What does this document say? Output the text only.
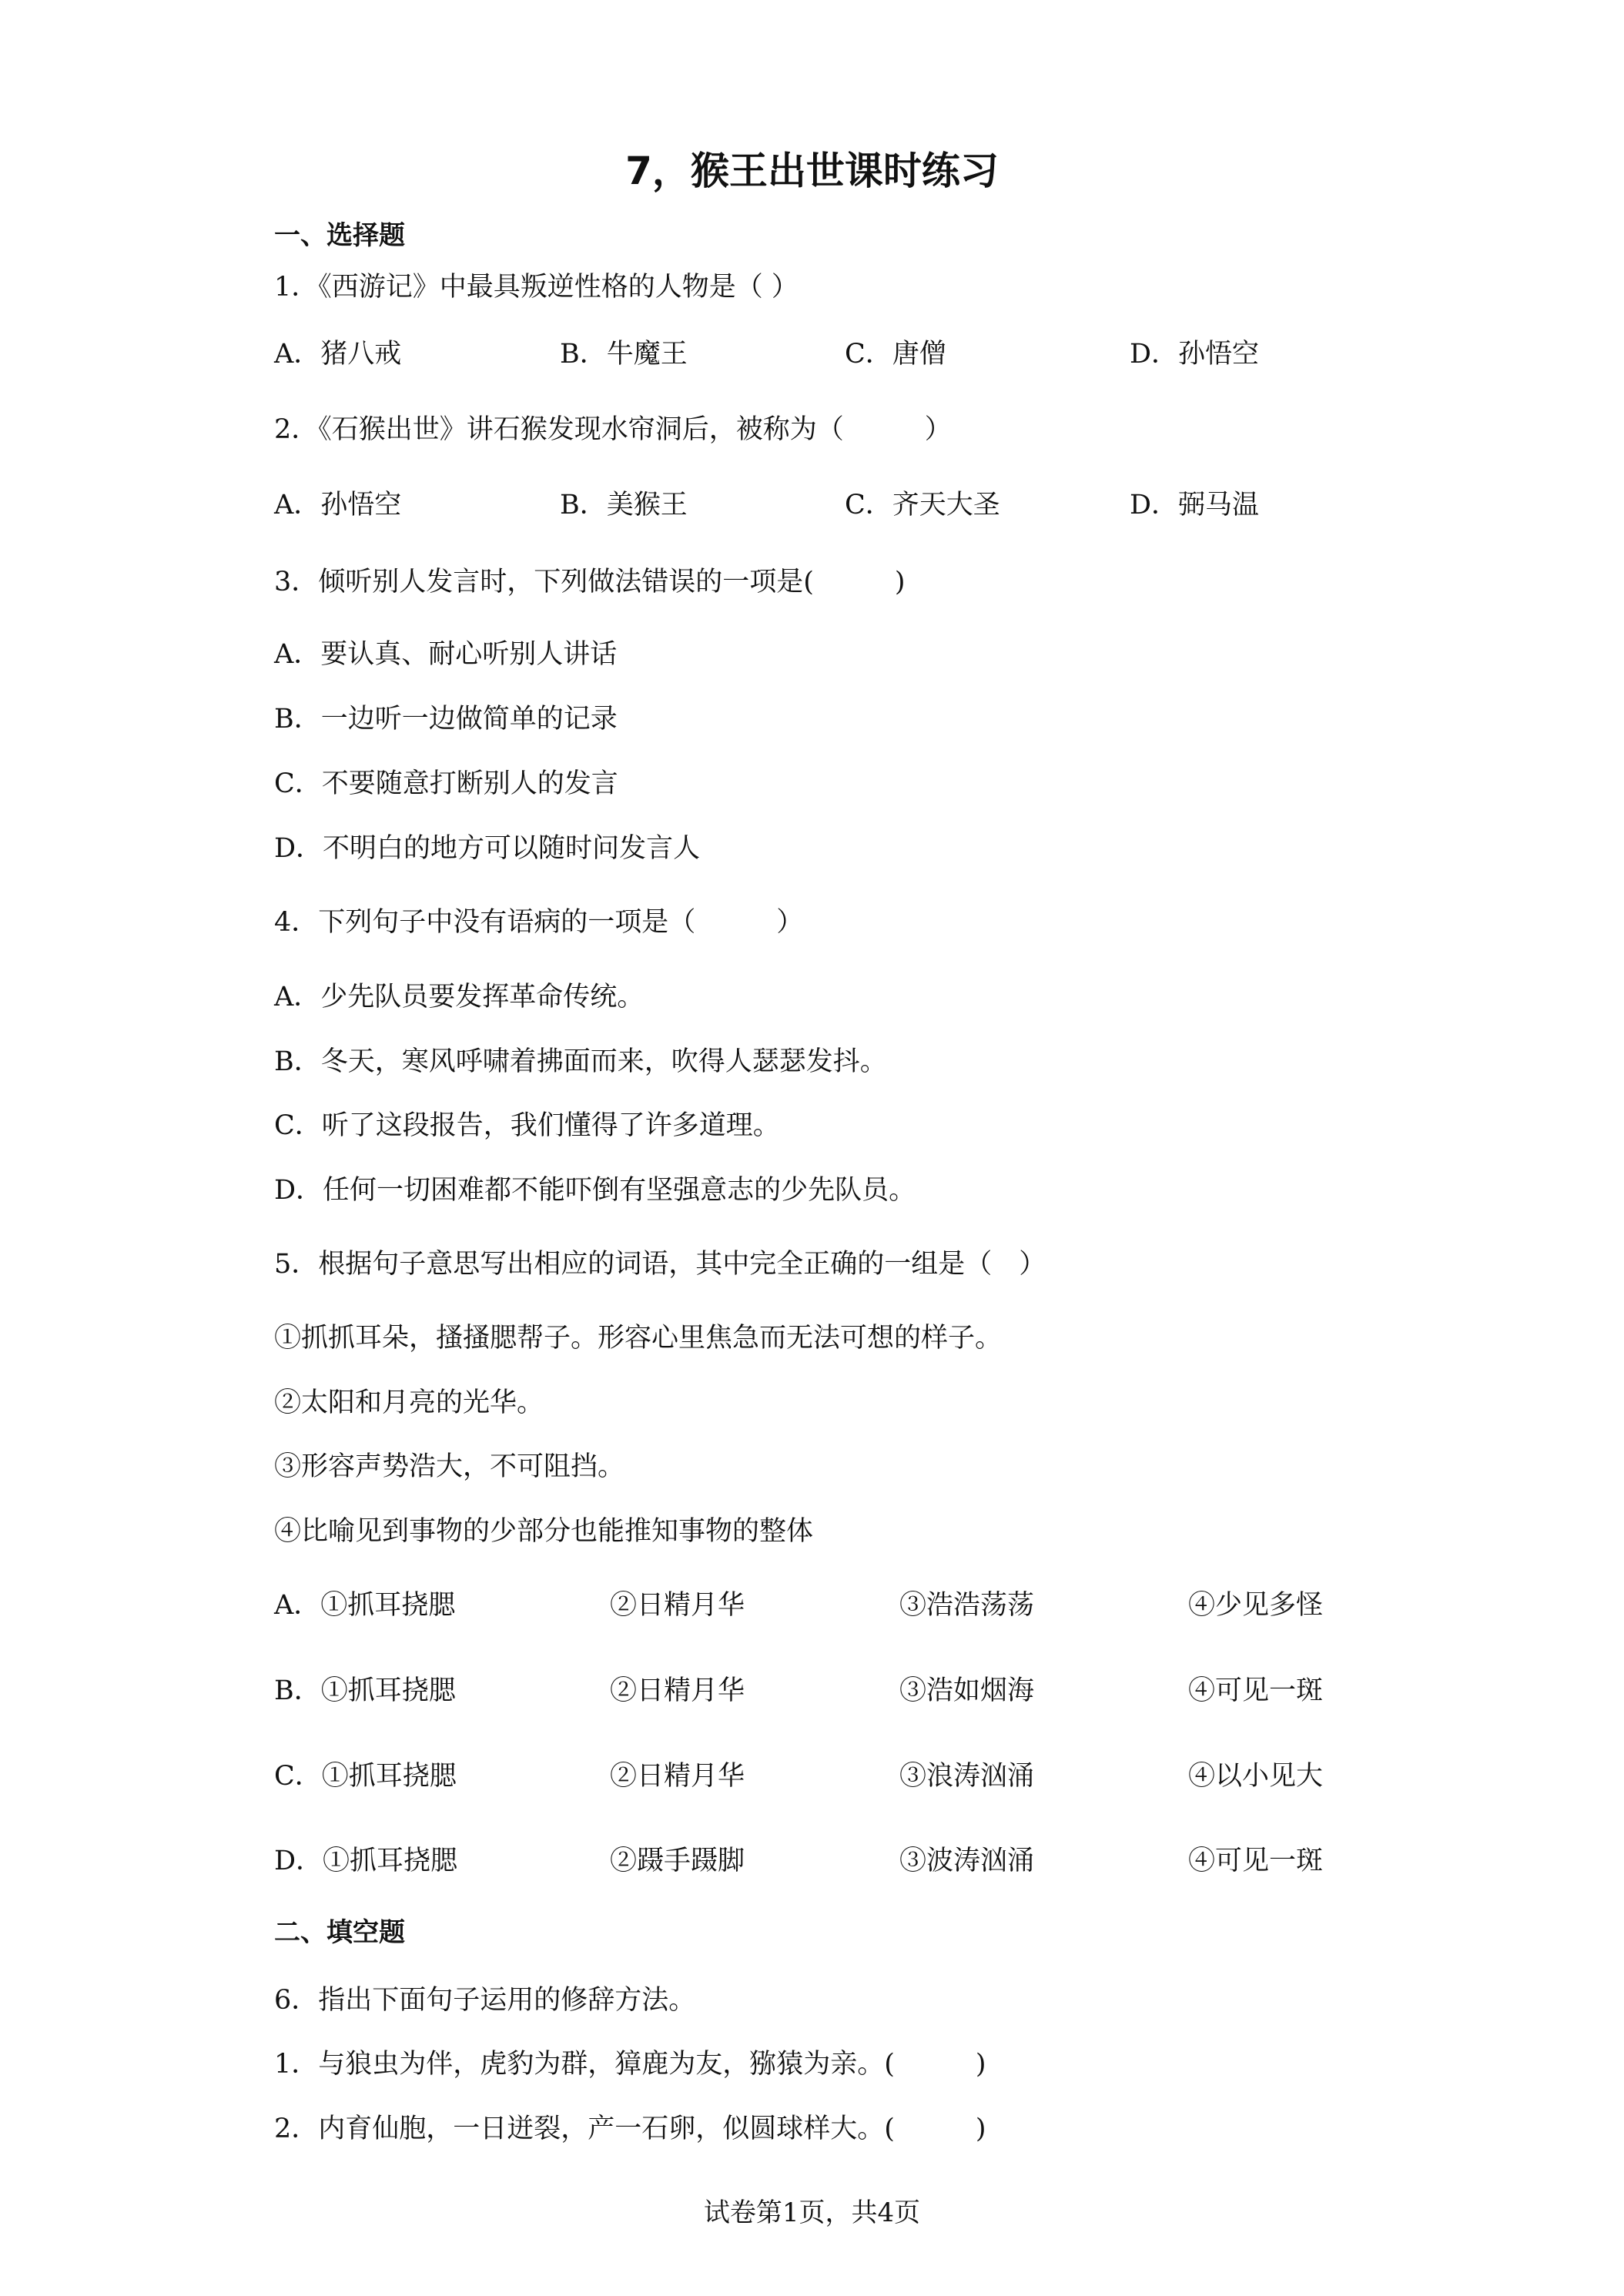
7，猴王出世课时练习
一、选择题
1．《西游记》中最具叛逆性格的人物是（ ）
A．猪八戒	B．牛魔王	C．唐僧	D．孙悟空
2．《石猴出世》讲石猴发现水帘洞后，被称为（　　　）
A．孙悟空	B．美猴王	C．齐天大圣	D．弼马温
3．倾听别人发言时，下列做法错误的一项是(　　　)
A．要认真、耐心听别人讲话
B．一边听一边做简单的记录
C．不要随意打断别人的发言
D．不明白的地方可以随时问发言人
4．下列句子中没有语病的一项是（　　　）
A．少先队员要发挥革命传统。
B．冬天，寒风呼啸着拂面而来，吹得人瑟瑟发抖。
C．听了这段报告，我们懂得了许多道理。
D．任何一切困难都不能吓倒有坚强意志的少先队员。
5．根据句子意思写出相应的词语，其中完全正确的一组是（　）
①抓抓耳朵，搔搔腮帮子。形容心里焦急而无法可想的样子。
②太阳和月亮的光华。
③形容声势浩大，不可阻挡。
④比喻见到事物的少部分也能推知事物的整体
A．①抓耳挠腮	②日精月华	③浩浩荡荡	④少见多怪
B．①抓耳挠腮	②日精月华	③浩如烟海	④可见一斑
C．①抓耳挠腮	②日精月华	③浪涛汹涌	④以小见大
D．①抓耳挠腮	②蹑手蹑脚	③波涛汹涌	④可见一斑
二、填空题
6．指出下面句子运用的修辞方法。
1．与狼虫为伴，虎豹为群，獐鹿为友，猕猿为亲。(　　　)
2．内育仙胞，一日迸裂，产一石卵，似圆球样大。(　　　)
试卷第1页，共4页
